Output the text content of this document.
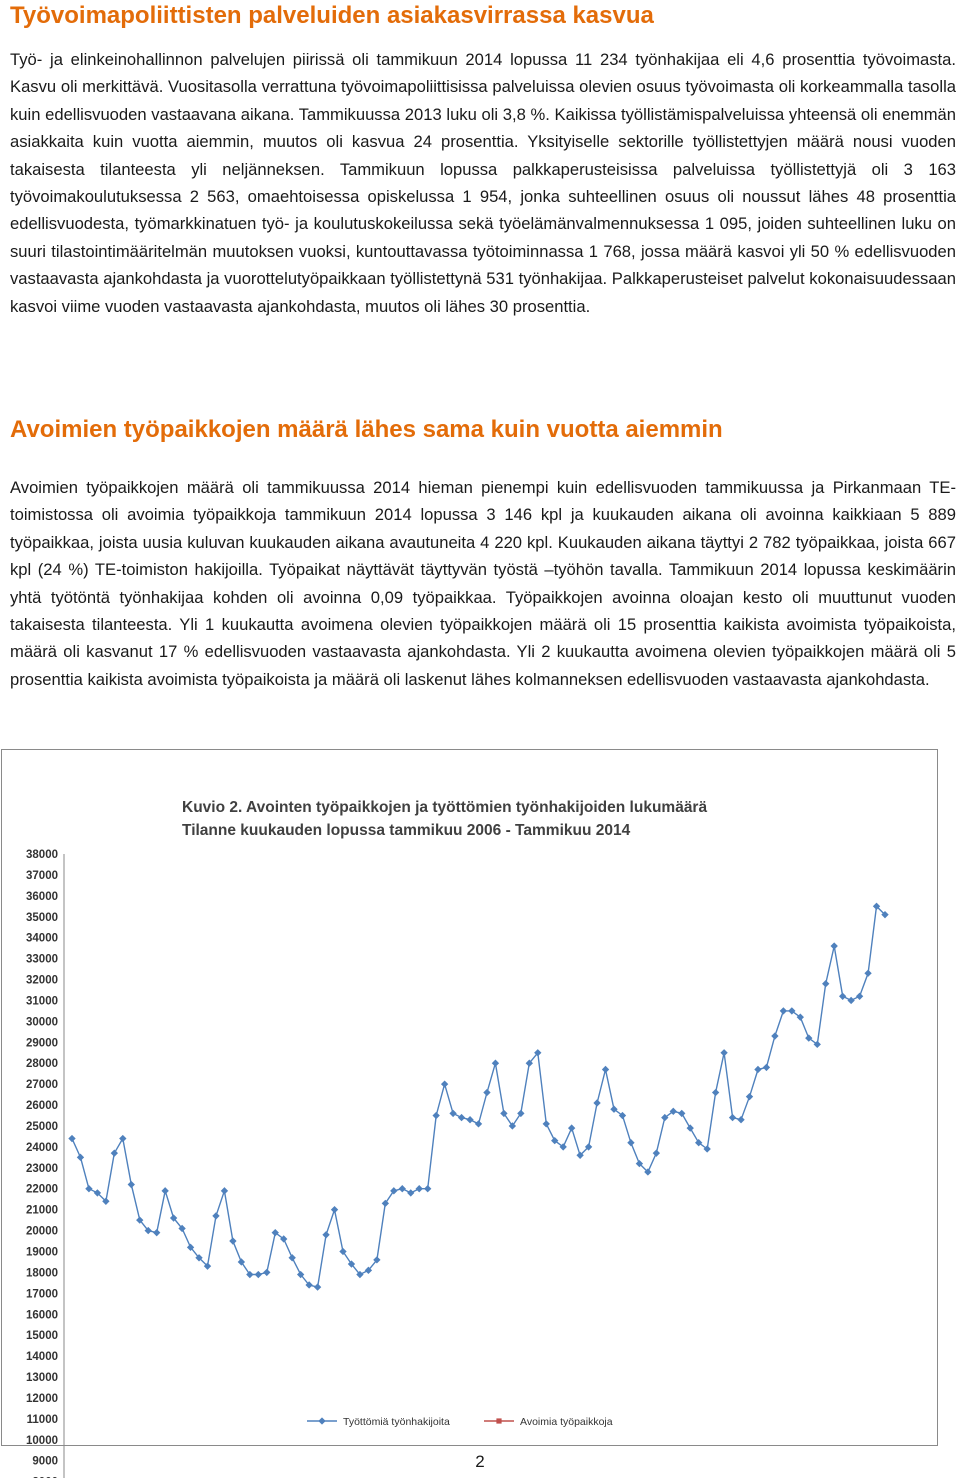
Työvoimapoliittisten palveluiden asiakasvirrassa kasvua

Työ- ja elinkeinohallinnon palvelujen piirissä oli tammikuun 2014 lopussa 11 234 työnhakijaa eli 4,6 prosenttia työvoimasta. Kasvu oli merkittävä. Vuositasolla verrattuna työvoimapoliittisissa palveluissa olevien osuus työvoimasta oli korkeammalla tasolla kuin edellisvuoden vastaavana aikana. Tammikuussa 2013 luku oli 3,8 %. Kaikissa työllistämispalveluissa yhteensä oli enemmän asiakkaita kuin vuotta aiemmin, muutos oli kasvua 24 prosenttia. Yksityiselle sektorille työllistettyjen määrä nousi vuoden takaisesta tilanteesta yli neljänneksen. Tammikuun lopussa palkkaperusteisissa palveluissa työllistettyjä oli 3 163 työvoimakoulutuksessa 2 563, omaehtoisessa opiskelussa 1 954, jonka suhteellinen osuus oli noussut lähes 48 prosenttia edellisvuodesta, työmarkkinatuen työ- ja koulutuskokeilussa sekä työelämänvalmennuksessa 1 095, joiden suhteellinen luku on suuri tilastointimääritelmän muutoksen vuoksi, kuntouttavassa työtoiminnassa 1 768, jossa määrä kasvoi yli 50 % edellisvuoden vastaavasta ajankohdasta ja vuorottelutyöpaikkaan työllistettynä 531 työnhakijaa. Palkkaperusteiset palvelut kokonaisuudessaan kasvoi viime vuoden vastaavasta ajankohdasta, muutos oli lähes 30 prosenttia.

Avoimien työpaikkojen määrä lähes sama kuin vuotta aiemmin

Avoimien työpaikkojen määrä oli tammikuussa 2014 hieman pienempi kuin edellisvuoden tammikuussa ja Pirkanmaan TE-toimistossa oli avoimia työpaikkoja tammikuun 2014 lopussa 3 146 kpl ja kuukauden aikana oli avoinna kaikkiaan 5 889 työpaikkaa, joista uusia kuluvan kuukauden aikana avautuneita 4 220 kpl. Kuukauden aikana täyttyi 2 782 työpaikkaa, joista 667 kpl (24 %) TE-toimiston hakijoilla. Työpaikat näyttävät täyttyvän työstä –työhön tavalla. Tammikuun 2014 lopussa keskimäärin yhtä työtöntä työnhakijaa kohden oli avoinna 0,09 työpaikkaa. Työpaikkojen avoinna oloajan kesto oli muuttunut vuoden takaisesta tilanteesta. Yli 1 kuukautta avoimena olevien työpaikkojen määrä oli 15 prosenttia kaikista avoimista työpaikoista, määrä oli kasvanut 17 % edellisvuoden vastaavasta ajankohdasta. Yli 2 kuukautta avoimena olevien työpaikkojen määrä oli 5 prosenttia kaikista avoimista työpaikoista ja määrä oli laskenut lähes kolmanneksen edellisvuoden vastaavasta ajankohdasta.

Kuvio 2. Avointen työpaikkojen ja työttömien työnhakijoiden lukumäärä
Tilanne kuukauden lopussa tammikuu 2006 - Tammikuu 2014
9000
10000
11000
12000
13000
14000
15000
16000
17000
18000
19000
20000
21000
22000
23000
24000
25000
26000
27000
28000
29000
30000
31000
32000
33000
34000
35000
36000
37000
38000
Työttömiä työnhakijoita	Avoimia työpaikkoja
2
